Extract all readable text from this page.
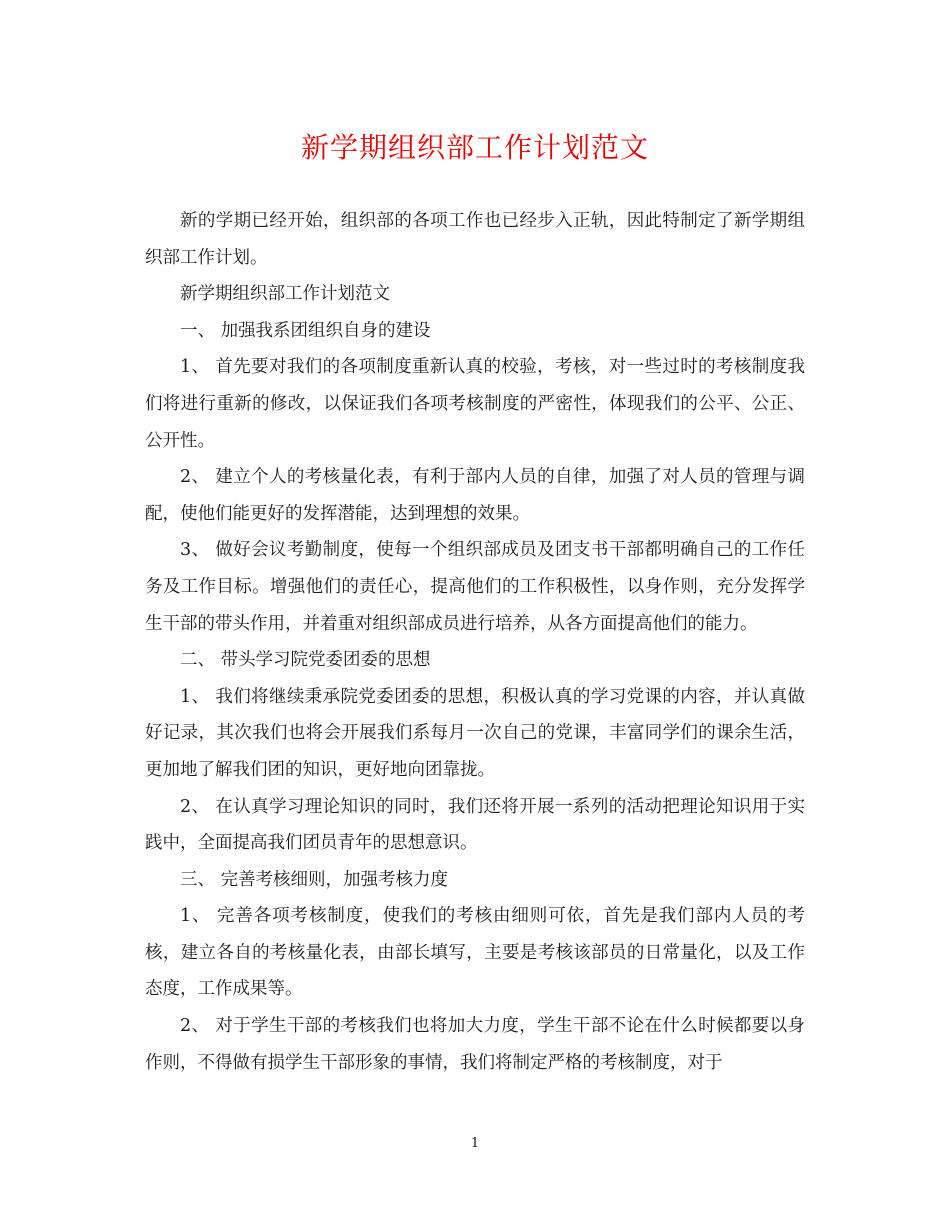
新学期组织部工作计划范文

新的学期已经开始，组织部的各项工作也已经步入正轨，因此特制定了新学期组织部工作计划。

新学期组织部工作计划范文

一、 加强我系团组织自身的建设

1、 首先要对我们的各项制度重新认真的校验，考核，对一些过时的考核制度我们将进行重新的修改，以保证我们各项考核制度的严密性，体现我们的公平、公正、公开性。

2、 建立个人的考核量化表，有利于部内人员的自律，加强了对人员的管理与调配，使他们能更好的发挥潜能，达到理想的效果。

3、 做好会议考勤制度，使每一个组织部成员及团支书干部都明确自己的工作任务及工作目标。增强他们的责任心，提高他们的工作积极性，以身作则，充分发挥学生干部的带头作用，并着重对组织部成员进行培养，从各方面提高他们的能力。

二、 带头学习院党委团委的思想

1、 我们将继续秉承院党委团委的思想，积极认真的学习党课的内容，并认真做好记录，其次我们也将会开展我们系每月一次自己的党课，丰富同学们的课余生活，更加地了解我们团的知识，更好地向团靠拢。

2、 在认真学习理论知识的同时，我们还将开展一系列的活动把理论知识用于实践中，全面提高我们团员青年的思想意识。

三、 完善考核细则，加强考核力度

1、 完善各项考核制度，使我们的考核由细则可依，首先是我们部内人员的考核，建立各自的考核量化表，由部长填写，主要是考核该部员的日常量化，以及工作态度，工作成果等。

2、 对于学生干部的考核我们也将加大力度，学生干部不论在什么时候都要以身作则，不得做有损学生干部形象的事情，我们将制定严格的考核制度，对于

1
